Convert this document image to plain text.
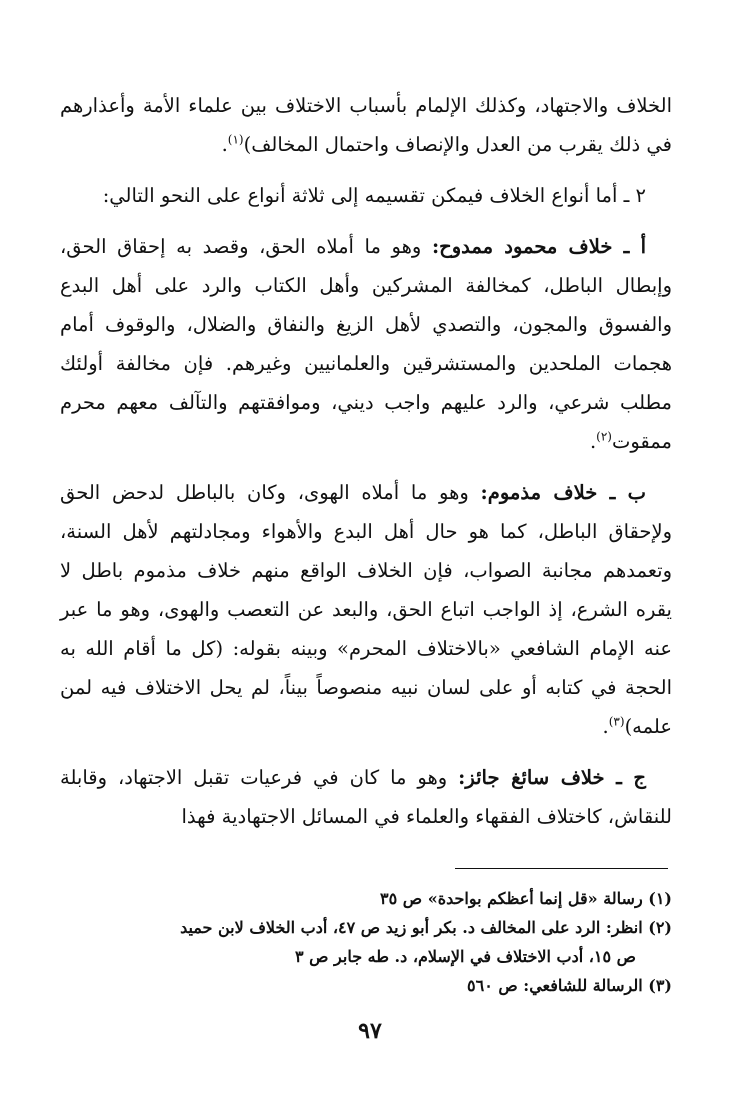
الخلاف والاجتهاد، وكذلك الإلمام بأسباب الاختلاف بين علماء الأمة وأعذارهم في ذلك يقرب من العدل والإنصاف واحتمال المخالف)$^{(١)}$.

٢ ـ أما أنواع الخلاف فيمكن تقسيمه إلى ثلاثة أنواع على النحو التالي:

أ ـ خلاف محمود ممدوح: وهو ما أملاه الحق، وقصد به إحقاق الحق، وإبطال الباطل، كمخالفة المشركين وأهل الكتاب والرد على أهل البدع والفسوق والمجون، والتصدي لأهل الزيغ والنفاق والضلال، والوقوف أمام هجمات الملحدين والمستشرقين والعلمانيين وغيرهم. فإن مخالفة أولئك مطلب شرعي، والرد عليهم واجب ديني، وموافقتهم والتآلف معهم محرم ممقوت$^{(٢)}$.

ب ـ خلاف مذموم: وهو ما أملاه الهوى، وكان بالباطل لدحض الحق ولإحقاق الباطل، كما هو حال أهل البدع والأهواء ومجادلتهم لأهل السنة، وتعمدهم مجانبة الصواب، فإن الخلاف الواقع منهم خلاف مذموم باطل لا يقره الشرع، إذ الواجب اتباع الحق، والبعد عن التعصب والهوى، وهو ما عبر عنه الإمام الشافعي «بالاختلاف المحرم» وبينه بقوله: (كل ما أقام الله به الحجة في كتابه أو على لسان نبيه منصوصاً بيناً، لم يحل الاختلاف فيه لمن علمه)$^{(٣)}$.

ج ـ خلاف سائغ جائز: وهو ما كان في فرعيات تقبل الاجتهاد، وقابلة للنقاش، كاختلاف الفقهاء والعلماء في المسائل الاجتهادية فهذا

(١) رسالة «قل إنما أعظكم بواحدة» ص ٣٥

(٢) انظر: الرد على المخالف د. بكر أبو زيد ص ٤٧، أدب الخلاف لابن حميد

ص ١٥، أدب الاختلاف في الإسلام، د. طه جابر ص ٣

(٣) الرسالة للشافعي: ص ٥٦٠

٩٧
